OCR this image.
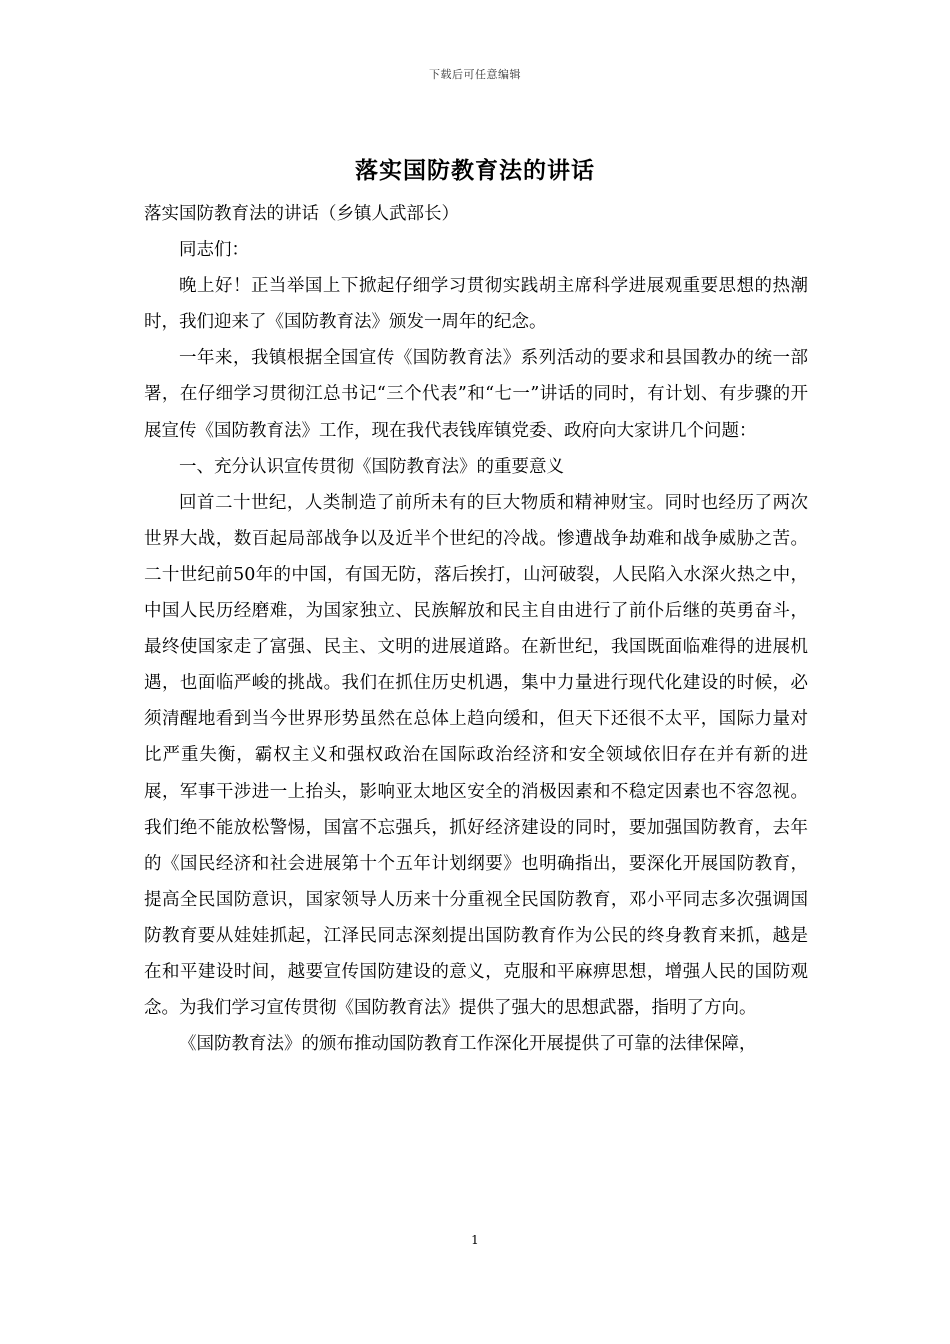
下载后可任意编辑
落实国防教育法的讲话

落实国防教育法的讲话（乡镇人武部长）

同志们：

晚上好！正当举国上下掀起仔细学习贯彻实践胡主席科学进展观重要思想的热潮时，我们迎来了《国防教育法》颁发一周年的纪念。

一年来，我镇根据全国宣传《国防教育法》系列活动的要求和县国教办的统一部署，在仔细学习贯彻江总书记“三个代表”和“七一”讲话的同时，有计划、有步骤的开展宣传《国防教育法》工作，现在我代表钱库镇党委、政府向大家讲几个问题：

一、充分认识宣传贯彻《国防教育法》的重要意义

回首二十世纪，人类制造了前所未有的巨大物质和精神财宝。同时也经历了两次世界大战，数百起局部战争以及近半个世纪的冷战。惨遭战争劫难和战争威胁之苦。二十世纪前50年的中国，有国无防，落后挨打，山河破裂，人民陷入水深火热之中，中国人民历经磨难，为国家独立、民族解放和民主自由进行了前仆后继的英勇奋斗，最终使国家走了富强、民主、文明的进展道路。在新世纪，我国既面临难得的进展机遇，也面临严峻的挑战。我们在抓住历史机遇，集中力量进行现代化建设的时候，必须清醒地看到当今世界形势虽然在总体上趋向缓和，但天下还很不太平，国际力量对比严重失衡，霸权主义和强权政治在国际政治经济和安全领域依旧存在并有新的进展，军事干涉进一上抬头，影响亚太地区安全的消极因素和不稳定因素也不容忽视。我们绝不能放松警惕，国富不忘强兵，抓好经济建设的同时，要加强国防教育，去年的《国民经济和社会进展第十个五年计划纲要》也明确指出，要深化开展国防教育，提高全民国防意识，国家领导人历来十分重视全民国防教育，邓小平同志多次强调国防教育要从娃娃抓起，江泽民同志深刻提出国防教育作为公民的终身教育来抓，越是在和平建设时间，越要宣传国防建设的意义，克服和平麻痹思想，增强人民的国防观念。为我们学习宣传贯彻《国防教育法》提供了强大的思想武器，指明了方向。

《国防教育法》的颁布推动国防教育工作深化开展提供了可靠的法律保障，

1
